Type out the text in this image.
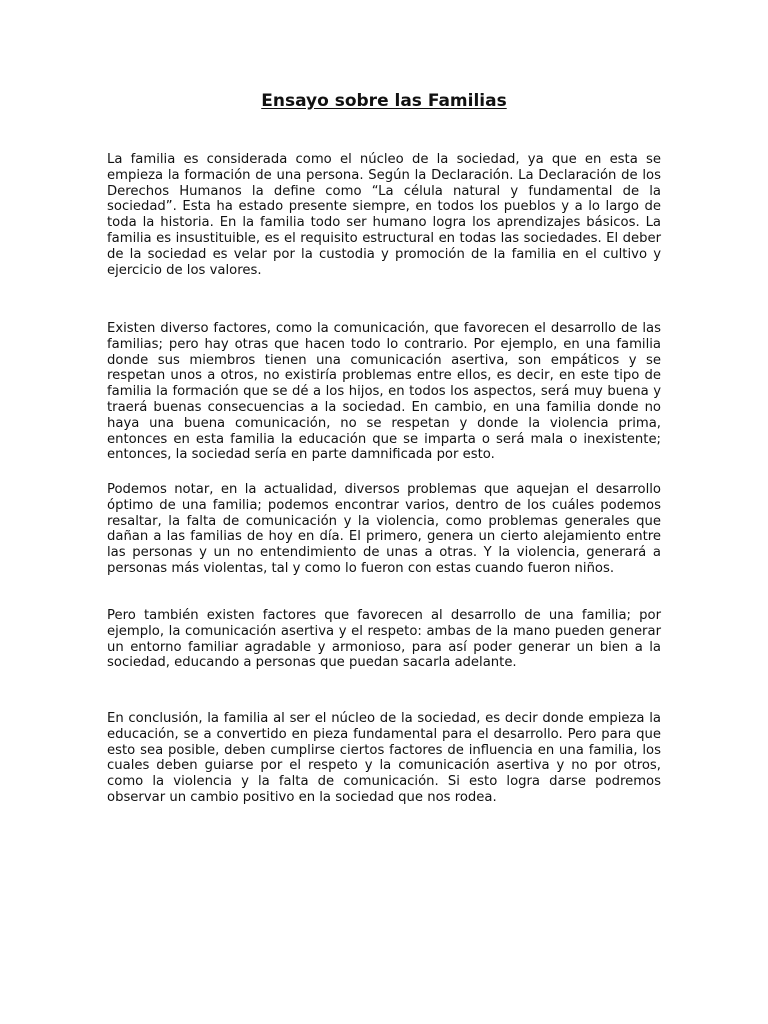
Ensayo sobre las Familias

La familia es considerada como el núcleo de la sociedad, ya que en esta se empieza la formación de una persona. Según la Declaración. La Declaración de los Derechos Humanos la define como “La célula natural y fundamental de la sociedad”. Esta ha estado presente siempre, en todos los pueblos y a lo largo de toda la historia. En la familia todo ser humano logra los aprendizajes básicos. La familia es insustituible, es el requisito estructural en todas las sociedades. El deber de la sociedad es velar por la custodia y promoción de la familia en el cultivo y ejercicio de los valores.

Existen diverso factores, como la comunicación, que favorecen el desarrollo de las familias; pero hay otras que hacen todo lo contrario. Por ejemplo, en una familia donde sus miembros tienen una comunicación asertiva, son empáticos y se respetan unos a otros, no existiría problemas entre ellos, es decir, en este tipo de familia la formación que se dé a los hijos, en todos los aspectos, será muy buena y traerá buenas consecuencias a la sociedad. En cambio, en una familia donde no haya una buena comunicación, no se respetan y donde la violencia prima, entonces en esta familia la educación que se imparta o será mala o inexistente; entonces, la sociedad sería en parte damnificada por esto.

Podemos notar, en la actualidad, diversos problemas que aquejan el desarrollo óptimo de una familia; podemos encontrar varios, dentro de los cuáles podemos resaltar, la falta de comunicación y la violencia, como problemas generales que dañan a las familias de hoy en día. El primero, genera un cierto alejamiento entre las personas y un no entendimiento de unas a otras. Y la violencia, generará a personas más violentas, tal y como lo fueron con estas cuando fueron niños.

Pero también existen factores que favorecen al desarrollo de una familia; por ejemplo, la comunicación asertiva y el respeto: ambas de la mano pueden generar un entorno familiar agradable y armonioso, para así poder generar un bien a la sociedad, educando a personas que puedan sacarla adelante.

En conclusión, la familia al ser el núcleo de la sociedad, es decir donde empieza la educación, se a convertido en pieza fundamental para el desarrollo. Pero para que esto sea posible, deben cumplirse ciertos factores de influencia en una familia, los cuales deben guiarse por el respeto y la comunicación asertiva y no por otros, como la violencia y la falta de comunicación. Si esto logra darse podremos observar un cambio positivo en la sociedad que nos rodea.
